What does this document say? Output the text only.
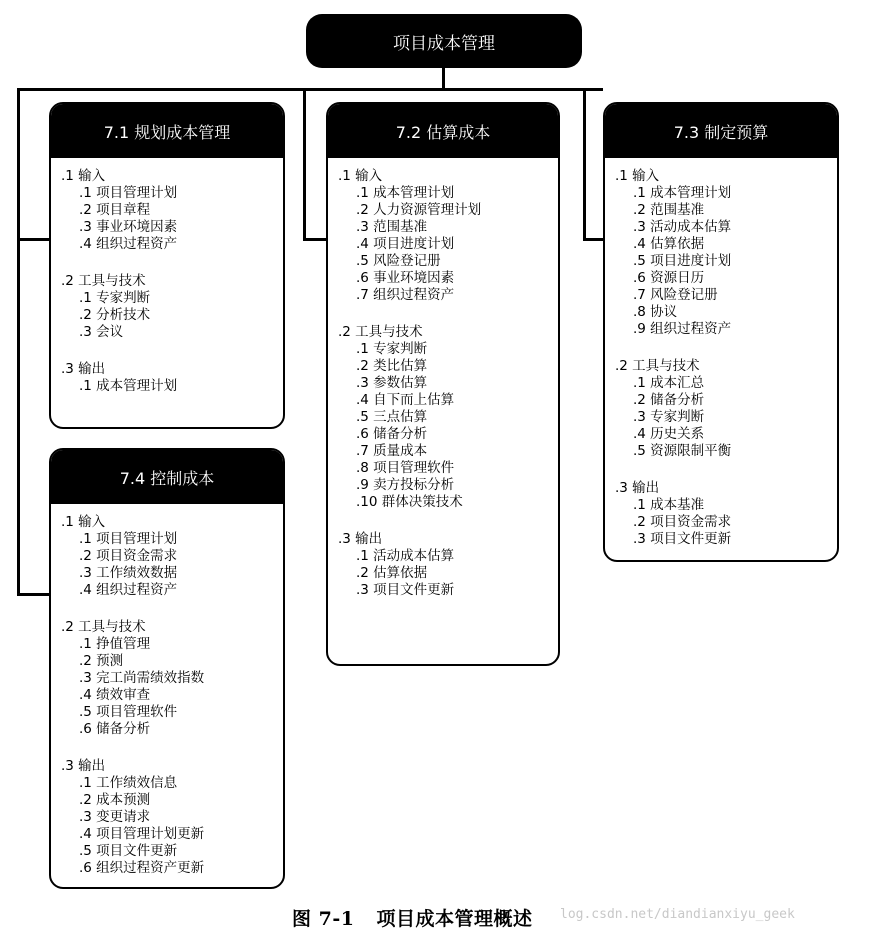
项目成本管理
7.1 规划成本管理
.1 输入
.1 项目管理计划
.2 项目章程
.3 事业环境因素
.4 组织过程资产
.2 工具与技术
.1 专家判断
.2 分析技术
.3 会议
.3 输出
.1 成本管理计划
7.2 估算成本
.1 输入
.1 成本管理计划
.2 人力资源管理计划
.3 范围基准
.4 项目进度计划
.5 风险登记册
.6 事业环境因素
.7 组织过程资产
.2 工具与技术
.1 专家判断
.2 类比估算
.3 参数估算
.4 自下而上估算
.5 三点估算
.6 储备分析
.7 质量成本
.8 项目管理软件
.9 卖方投标分析
.10 群体决策技术
.3 输出
.1 活动成本估算
.2 估算依据
.3 项目文件更新
7.3 制定预算
.1 输入
.1 成本管理计划
.2 范围基准
.3 活动成本估算
.4 估算依据
.5 项目进度计划
.6 资源日历
.7 风险登记册
.8 协议
.9 组织过程资产
.2 工具与技术
.1 成本汇总
.2 储备分析
.3 专家判断
.4 历史关系
.5 资源限制平衡
.3 输出
.1 成本基准
.2 项目资金需求
.3 项目文件更新
7.4 控制成本
.1 输入
.1 项目管理计划
.2 项目资金需求
.3 工作绩效数据
.4 组织过程资产
.2 工具与技术
.1 挣值管理
.2 预测
.3 完工尚需绩效指数
.4 绩效审查
.5 项目管理软件
.6 储备分析
.3 输出
.1 工作绩效信息
.2 成本预测
.3 变更请求
.4 项目管理计划更新
.5 项目文件更新
.6 组织过程资产更新
图 7-1 项目成本管理概述 log.csdn.net/diandianxiyu_geek
